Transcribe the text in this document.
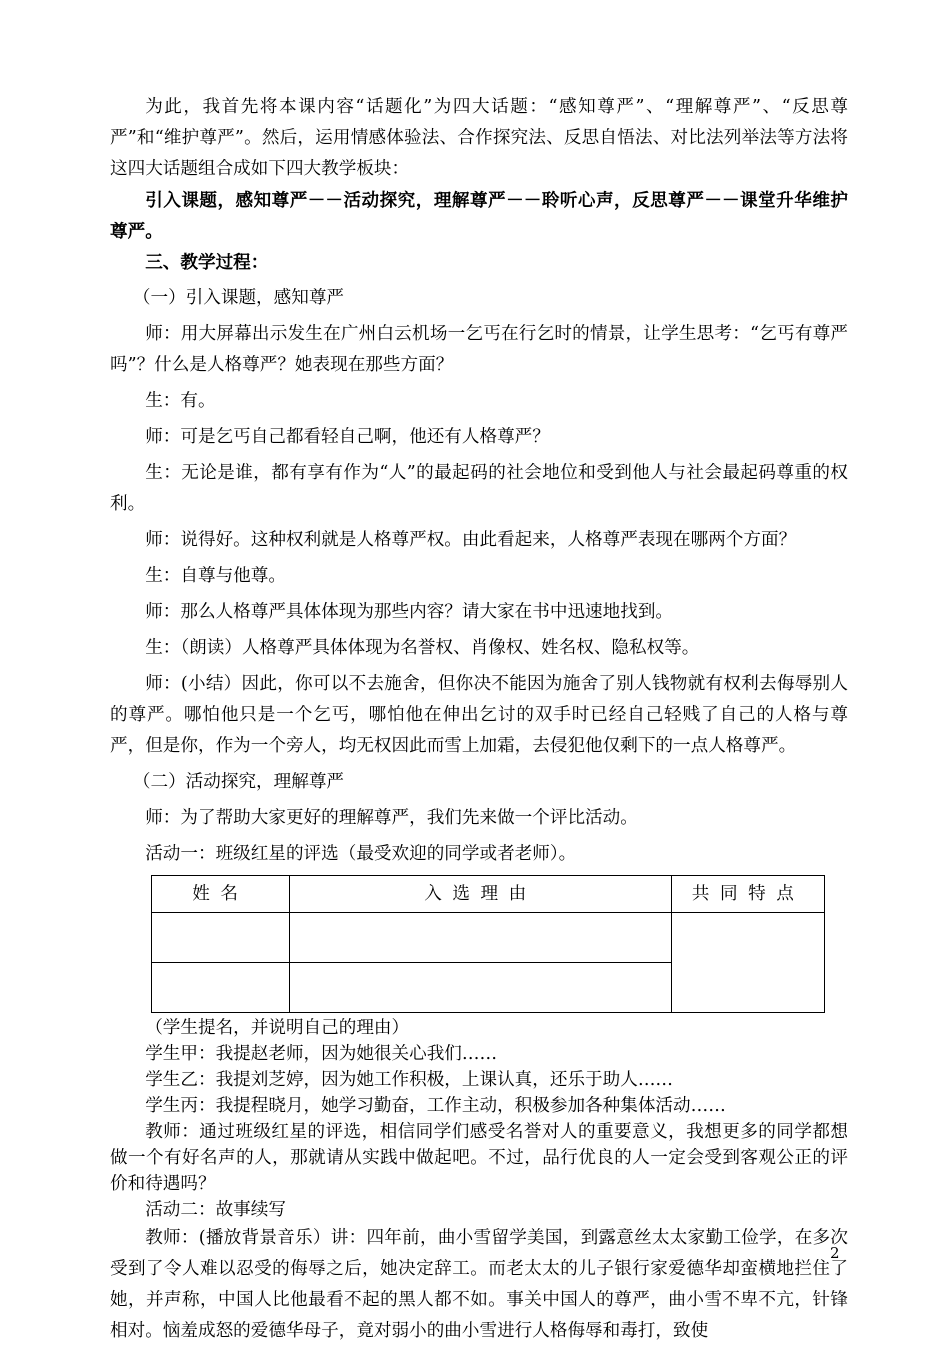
为此，我首先将本课内容“话题化”为四大话题：“感知尊严”、“理解尊严”、“反思尊严”和“维护尊严”。然后，运用情感体验法、合作探究法、反思自悟法、对比法列举法等方法将这四大话题组合成如下四大教学板块：

引入课题，感知尊严－－活动探究，理解尊严－－聆听心声，反思尊严－－课堂升华维护尊严。

三、教学过程：

（一）引入课题，感知尊严

师：用大屏幕出示发生在广州白云机场一乞丐在行乞时的情景，让学生思考：“乞丐有尊严吗”？什么是人格尊严？她表现在那些方面？

生：有。

师：可是乞丐自己都看轻自己啊，他还有人格尊严？

生：无论是谁，都有享有作为“人”的最起码的社会地位和受到他人与社会最起码尊重的权利。

师：说得好。这种权利就是人格尊严权。由此看起来，人格尊严表现在哪两个方面？

生：自尊与他尊。

师：那么人格尊严具体体现为那些内容？请大家在书中迅速地找到。

生：（朗读）人格尊严具体体现为名誉权、肖像权、姓名权、隐私权等。

师：(小结）因此，你可以不去施舍，但你决不能因为施舍了别人钱物就有权利去侮辱别人的尊严。哪怕他只是一个乞丐，哪怕他在伸出乞讨的双手时已经自己轻贱了自己的人格与尊严，但是你，作为一个旁人，均无权因此而雪上加霜，去侵犯他仅剩下的一点人格尊严。

（二）活动探究，理解尊严

师：为了帮助大家更好的理解尊严，我们先来做一个评比活动。

活动一：班级红星的评选（最受欢迎的同学或者老师）。

姓名	入选理由	共同特点

（学生提名，并说明自己的理由）

学生甲：我提赵老师，因为她很关心我们……

学生乙：我提刘芝婷，因为她工作积极，上课认真，还乐于助人……

学生丙：我提程晓月，她学习勤奋，工作主动，积极参加各种集体活动……

教师：通过班级红星的评选，相信同学们感受名誉对人的重要意义，我想更多的同学都想做一个有好名声的人，那就请从实践中做起吧。不过，品行优良的人一定会受到客观公正的评价和待遇吗？

活动二：故事续写

教师：(播放背景音乐）讲：四年前，曲小雪留学美国，到露意丝太太家勤工俭学，在多次受到了令人难以忍受的侮辱之后，她决定辞工。而老太太的儿子银行家爱德华却蛮横地拦住了她，并声称，中国人比他最看不起的黑人都不如。事关中国人的尊严，曲小雪不卑不亢，针锋相对。恼羞成怒的爱德华母子，竟对弱小的曲小雪进行人格侮辱和毒打，致使

2
